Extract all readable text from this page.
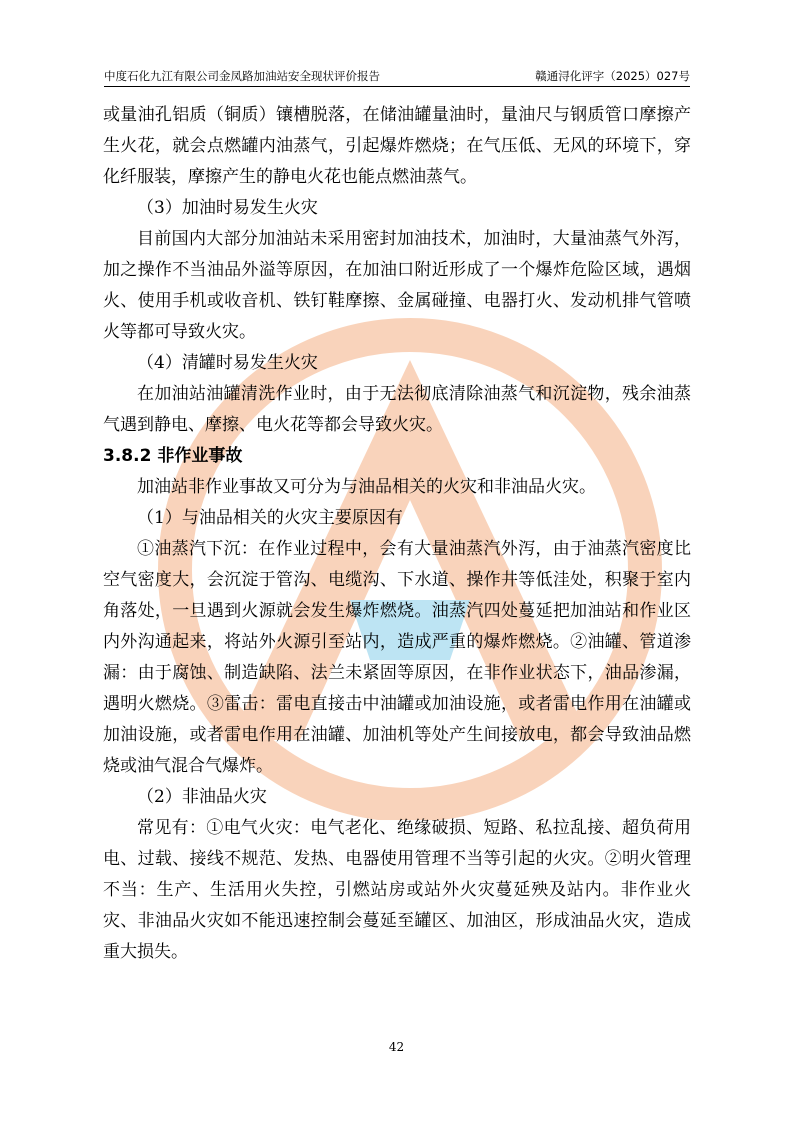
中度石化九江有限公司金凤路加油站安全现状评价报告	赣通浔化评字（2025）027号

或量油孔铝质（铜质）镶槽脱落，在储油罐量油时，量油尺与钢质管口摩擦产生火花，就会点燃罐内油蒸气，引起爆炸燃烧；在气压低、无风的环境下，穿化纤服装，摩擦产生的静电火花也能点燃油蒸气。

（3）加油时易发生火灾

目前国内大部分加油站未采用密封加油技术，加油时，大量油蒸气外泻，加之操作不当油品外溢等原因，在加油口附近形成了一个爆炸危险区域，遇烟火、使用手机或收音机、铁钉鞋摩擦、金属碰撞、电器打火、发动机排气管喷火等都可导致火灾。

（4）清罐时易发生火灾

在加油站油罐清洗作业时，由于无法彻底清除油蒸气和沉淀物，残余油蒸气遇到静电、摩擦、电火花等都会导致火灾。

3.8.2 非作业事故

加油站非作业事故又可分为与油品相关的火灾和非油品火灾。

（1）与油品相关的火灾主要原因有

①油蒸汽下沉：在作业过程中，会有大量油蒸汽外泻，由于油蒸汽密度比空气密度大，会沉淀于管沟、电缆沟、下水道、操作井等低洼处，积聚于室内角落处，一旦遇到火源就会发生爆炸燃烧。油蒸汽四处蔓延把加油站和作业区内外沟通起来，将站外火源引至站内，造成严重的爆炸燃烧。②油罐、管道渗漏：由于腐蚀、制造缺陷、法兰未紧固等原因，在非作业状态下，油品渗漏，遇明火燃烧。③雷击：雷电直接击中油罐或加油设施，或者雷电作用在油罐或加油设施，或者雷电作用在油罐、加油机等处产生间接放电，都会导致油品燃烧或油气混合气爆炸。

（2）非油品火灾

常见有：①电气火灾：电气老化、绝缘破损、短路、私拉乱接、超负荷用电、过载、接线不规范、发热、电器使用管理不当等引起的火灾。②明火管理不当：生产、生活用火失控，引燃站房或站外火灾蔓延殃及站内。非作业火灾、非油品火灾如不能迅速控制会蔓延至罐区、加油区，形成油品火灾，造成重大损失。

42
